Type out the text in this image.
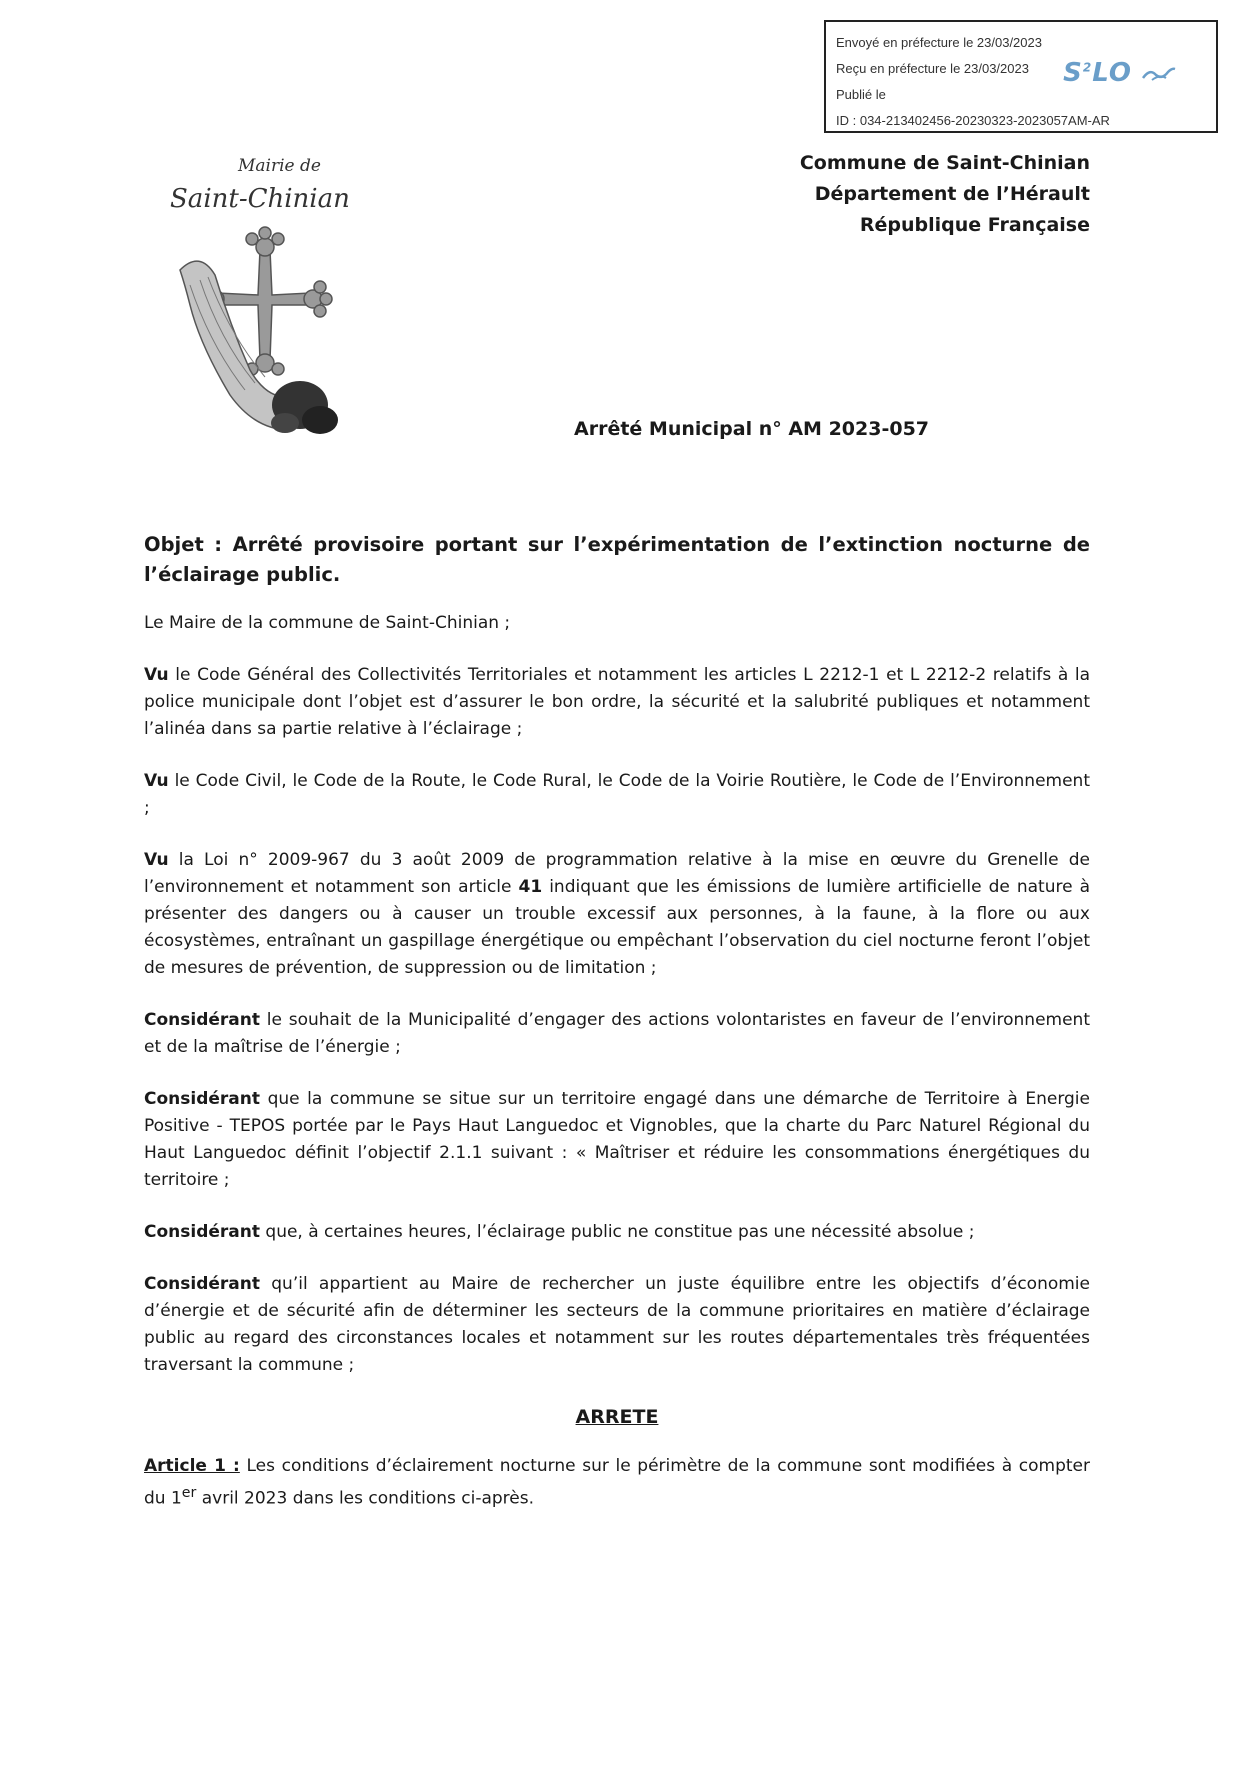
Envoyé en préfecture le 23/03/2023
Reçu en préfecture le 23/03/2023
Publié le
ID : 034-213402456-20230323-2023057AM-AR
$S^2LO$
Mairie de
Saint-Chinian
Commune de Saint-Chinian
Département de l’Hérault
République Française
Arrêté Municipal n° AM 2023-057

Objet : Arrêté provisoire portant sur l’expérimentation de l’extinction nocturne de l’éclairage public.

Le Maire de la commune de Saint-Chinian ;

Vu le Code Général des Collectivités Territoriales et notamment les articles L 2212-1 et L 2212-2 relatifs à la police municipale dont l’objet est d’assurer le bon ordre, la sécurité et la salubrité publiques et notamment l’alinéa dans sa partie relative à l’éclairage ;

Vu le Code Civil, le Code de la Route, le Code Rural, le Code de la Voirie Routière, le Code de l’Environnement ;

Vu la Loi n° 2009-967 du 3 août 2009 de programmation relative à la mise en œuvre du Grenelle de l’environnement et notamment son article 41 indiquant que les émissions de lumière artificielle de nature à présenter des dangers ou à causer un trouble excessif aux personnes, à la faune, à la flore ou aux écosystèmes, entraînant un gaspillage énergétique ou empêchant l’observation du ciel nocturne feront l’objet de mesures de prévention, de suppression ou de limitation ;

Considérant le souhait de la Municipalité d’engager des actions volontaristes en faveur de l’environnement et de la maîtrise de l’énergie ;

Considérant que la commune se situe sur un territoire engagé dans une démarche de Territoire à Energie Positive - TEPOS portée par le Pays Haut Languedoc et Vignobles, que la charte du Parc Naturel Régional du Haut Languedoc définit l’objectif 2.1.1 suivant : « Maîtriser et réduire les consommations énergétiques du territoire ;

Considérant que, à certaines heures, l’éclairage public ne constitue pas une nécessité absolue ;

Considérant qu’il appartient au Maire de rechercher un juste équilibre entre les objectifs d’économie d’énergie et de sécurité afin de déterminer les secteurs de la commune prioritaires en matière d’éclairage public au regard des circonstances locales et notamment sur les routes départementales très fréquentées traversant la commune ;

ARRETE

Article 1 : Les conditions d’éclairement nocturne sur le périmètre de la commune sont modifiées à compter du 1er avril 2023 dans les conditions ci-après.
